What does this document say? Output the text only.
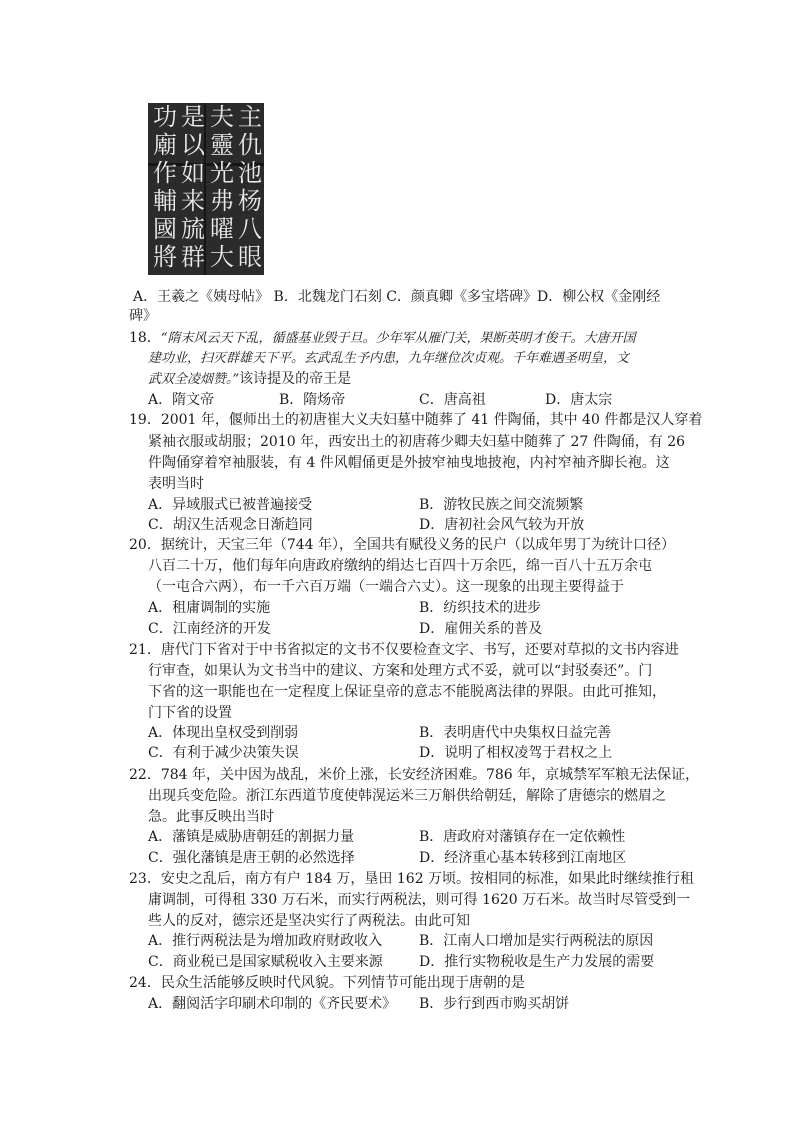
主
仇
池
杨
八
眼
夫
靈
光
弗
曜
大
是
以
如
来
旈
群
功
廟
作
輔
國
將
A．王羲之《姨母帖》 B．北魏龙门石刻 C．颜真卿《多宝塔碑》D．柳公权《金刚经
碑》
18．“隋末风云天下乱，循盛基业毁于旦。少年军从雁门关，果断英明才俊干。大唐开国
建功业，扫灭群雄天下平。玄武乱生予内患，九年继位次贞观。千年难遇圣明皇，文
武双全凌烟赞。”该诗提及的帝王是
A．隋文帝	B．隋炀帝	C．唐高祖	D．唐太宗
19．2001 年，偃师出土的初唐崔大义夫妇墓中随葬了 41 件陶俑，其中 40 件都是汉人穿着
紧袖衣服或胡服；2010 年，西安出土的初唐蒋少卿夫妇墓中随葬了 27 件陶俑，有 26
件陶俑穿着窄袖服装，有 4 件风帽俑更是外披窄袖曳地披袍，内衬窄袖齐脚长袍。这
表明当时
A．异域服式已被普遍接受	B．游牧民族之间交流频繁
C．胡汉生活观念日渐趋同	D．唐初社会风气较为开放
20．据统计，天宝三年（744 年），全国共有赋役义务的民户（以成年男丁为统计口径）
八百二十万，他们每年向唐政府缴纳的绢达七百四十万余匹，绵一百八十五万余屯
（一屯合六两），布一千六百万端（一端合六丈）。这一现象的出现主要得益于
A．租庸调制的实施	B．纺织技术的进步
C．江南经济的开发	D．雇佣关系的普及
21．唐代门下省对于中书省拟定的文书不仅要检查文字、书写，还要对草拟的文书内容进
行审查，如果认为文书当中的建议、方案和处理方式不妥，就可以“封驳奏还”。门
下省的这一职能也在一定程度上保证皇帝的意志不能脱离法律的界限。由此可推知，
门下省的设置
A．体现出皇权受到削弱	B．表明唐代中央集权日益完善
C．有利于减少决策失误	D．说明了相权凌驾于君权之上
22．784 年，关中因为战乱，米价上涨，长安经济困难。786 年，京城禁军军粮无法保证，
出现兵变危险。浙江东西道节度使韩滉运米三万斛供给朝廷，解除了唐德宗的燃眉之
急。此事反映出当时
A．藩镇是威胁唐朝廷的割据力量	B．唐政府对藩镇存在一定依赖性
C．强化藩镇是唐王朝的必然选择	D．经济重心基本转移到江南地区
23．安史之乱后，南方有户 184 万，垦田 162 万顷。按相同的标准，如果此时继续推行租
庸调制，可得租 330 万石米，而实行两税法，则可得 1620 万石米。故当时尽管受到一
些人的反对，德宗还是坚决实行了两税法。由此可知
A．推行两税法是为增加政府财政收入	B．江南人口增加是实行两税法的原因
C．商业税已是国家赋税收入主要来源	D．推行实物税收是生产力发展的需要
24．民众生活能够反映时代风貌。下列情节可能出现于唐朝的是
A．翻阅活字印刷术印制的《齐民要术》 B．步行到西市购买胡饼
